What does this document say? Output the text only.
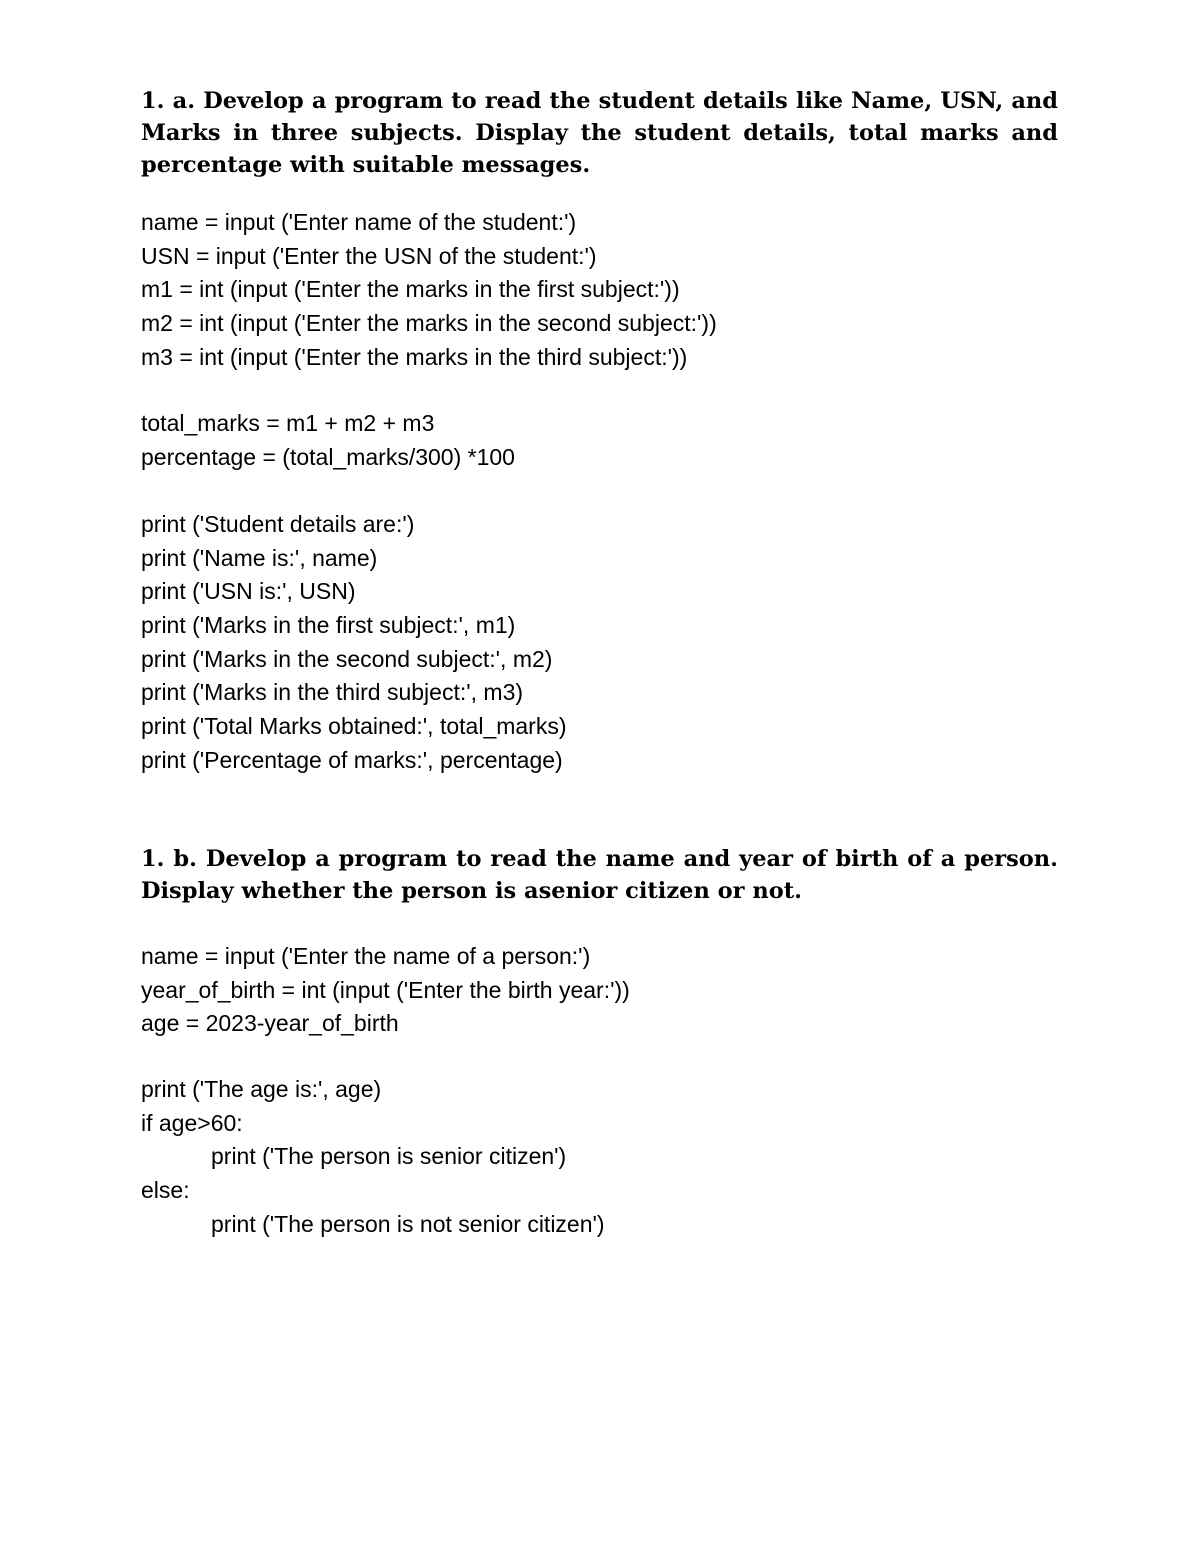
1. a. Develop a program to read the student details like Name, USN, and Marks in three subjects. Display the student details, total marks and percentage with suitable messages.

name = input ('Enter name of the student:')
USN = input ('Enter the USN of the student:')
m1 = int (input ('Enter the marks in the first subject:'))
m2 = int (input ('Enter the marks in the second subject:'))
m3 = int (input ('Enter the marks in the third subject:'))
total_marks = m1 + m2 + m3
percentage = (total_marks/300) *100
print ('Student details are:')
print ('Name is:', name)
print ('USN is:', USN)
print ('Marks in the first subject:', m1)
print ('Marks in the second subject:', m2)
print ('Marks in the third subject:', m3)
print ('Total Marks obtained:', total_marks)
print ('Percentage of marks:', percentage)

1. b. Develop a program to read the name and year of birth of a person. Display whether the person is asenior citizen or not.

name = input ('Enter the name of a person:')
year_of_birth = int (input ('Enter the birth year:'))
age = 2023-year_of_birth
print ('The age is:', age)
if age>60:
print ('The person is senior citizen')
else:
print ('The person is not senior citizen')
